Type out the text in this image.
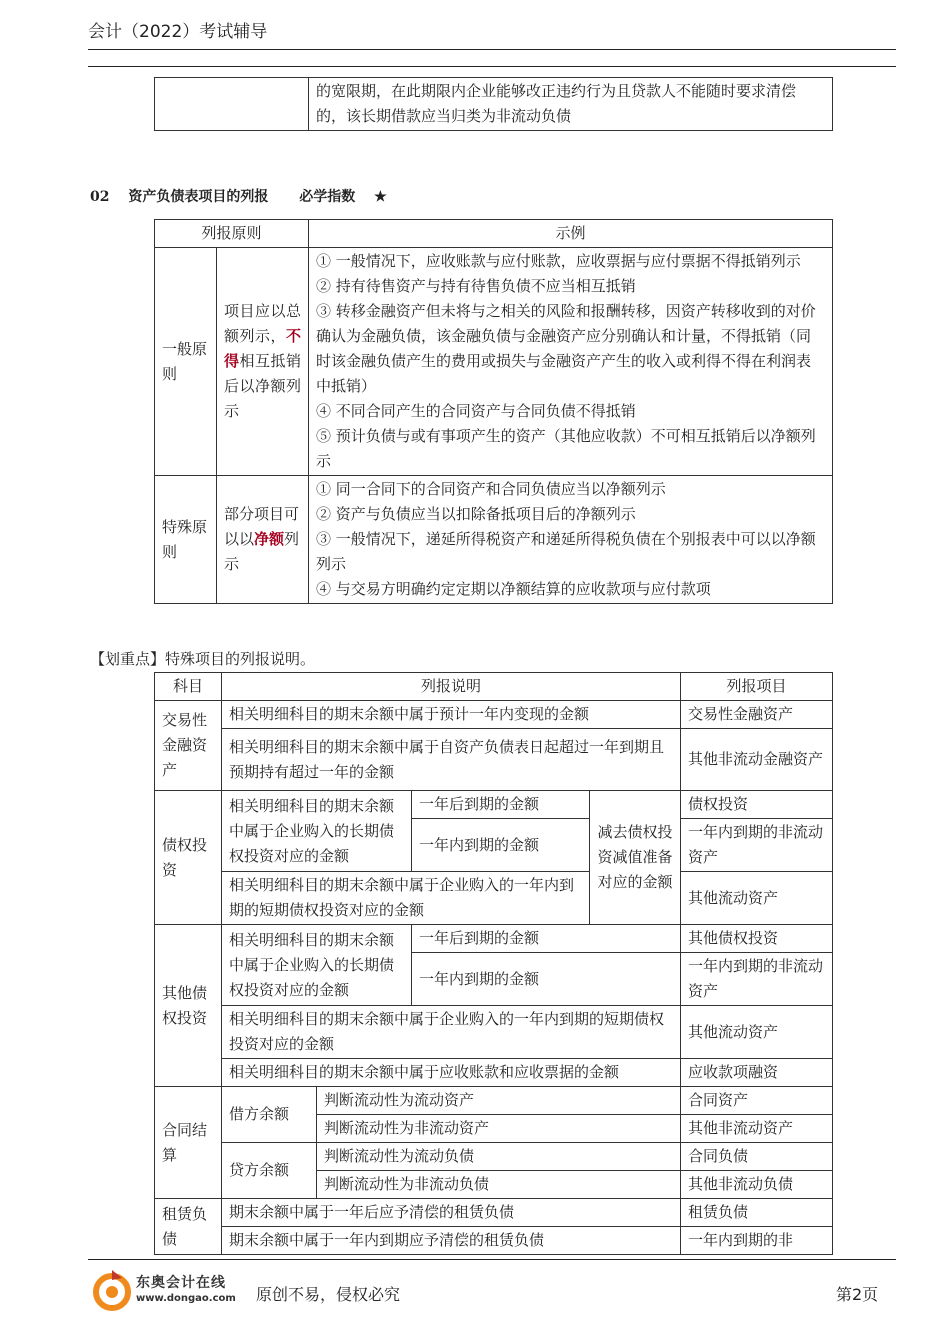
会计（2022）考试辅导
	的宽限期，在此期限内企业能够改正违约行为且贷款人不能随时要求清偿的，该长期借款应当归类为非流动负债
02 资产负债表项目的列报 必学指数 ★
列报原则		示例
一般原则	项目应以总额列示，不得相互抵销后以净额列示	① 一般情况下，应收账款与应付账款，应收票据与应付票据不得抵销列示
② 持有待售资产与持有待售负债不应当相互抵销
③ 转移金融资产但未将与之相关的风险和报酬转移，因资产转移收到的对价确认为金融负债，该金融负债与金融资产应分别确认和计量，不得抵销（同时该金融负债产生的费用或损失与金融资产产生的收入或利得不得在利润表中抵销）
④ 不同合同产生的合同资产与合同负债不得抵销
⑤ 预计负债与或有事项产生的资产（其他应收款）不可相互抵销后以净额列示

特殊原则	部分项目可以以净额列示	① 同一合同下的合同资产和合同负债应当以净额列示
② 资产与负债应当以扣除备抵项目后的净额列示
③ 一般情况下，递延所得税资产和递延所得税负债在个别报表中可以以净额列示
④ 与交易方明确约定定期以净额结算的应收款项与应付款项
【划重点】特殊项目的列报说明。
科目	列报说明				列报项目
交易性金融资产	相关明细科目的期末余额中属于预计一年内变现的金额				交易性金融资产
	相关明细科目的期末余额中属于自资产负债表日起超过一年到期且预期持有超过一年的金额				其他非流动金融资产
债权投资	相关明细科目的期末余额中属于企业购入的长期债权投资对应的金额		一年后到期的金额	减去债权投资减值准备对应的金额	债权投资
			一年内到期的金额		一年内到期的非流动资产
	相关明细科目的期末余额中属于企业购入的一年内到期的短期债权投资对应的金额				其他流动资产
其他债权投资	相关明细科目的期末余额中属于企业购入的长期债权投资对应的金额		一年后到期的金额		其他债权投资
			一年内到期的金额		一年内到期的非流动资产
	相关明细科目的期末余额中属于企业购入的一年内到期的短期债权投资对应的金额				其他流动资产
	相关明细科目的期末余额中属于应收账款和应收票据的金额				应收款项融资
合同结算	借方余额	判断流动性为流动资产			合同资产
		判断流动性为非流动资产			其他非流动资产
	贷方余额	判断流动性为流动负债			合同负债
		判断流动性为非流动负债			其他非流动负债
租赁负债	期末余额中属于一年后应予清偿的租赁负债				租赁负债
	期末余额中属于一年内到期应予清偿的租赁负债				一年内到期的非
东奥会计在线
www.dongao.com 原创不易，侵权必究	第2页
